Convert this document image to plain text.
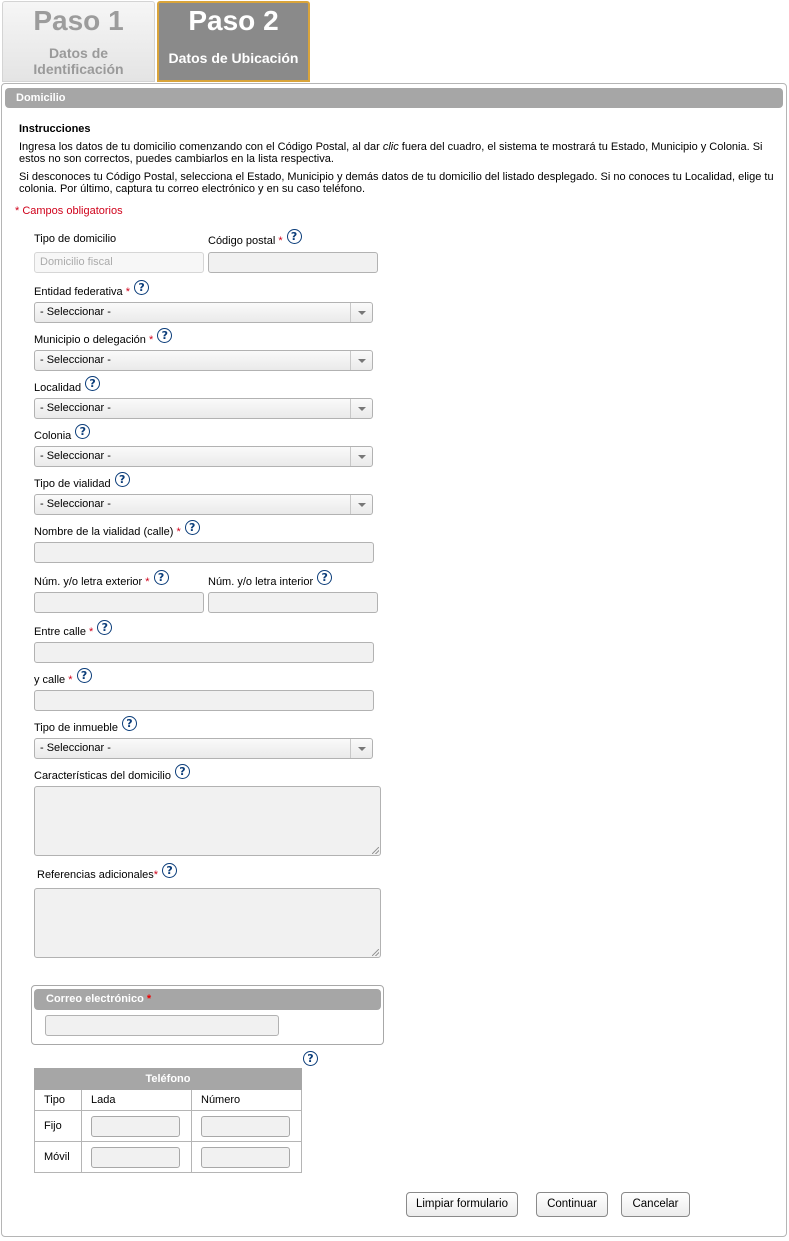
Paso 1
Datos de
Identificación
Paso 2
Datos de Ubicación
Domicilio
Instrucciones
Ingresa los datos de tu domicilio comenzando con el Código Postal, al dar clic fuera del cuadro, el sistema te mostrará tu Estado, Municipio y Colonia. Si estos no son correctos, puedes cambiarlos en la lista respectiva.
Si desconoces tu Código Postal, selecciona el Estado, Municipio y demás datos de tu domicilio del listado desplegado. Si no conoces tu Localidad, elige tu colonia. Por último, captura tu correo electrónico y en su caso teléfono.
* Campos obligatorios
Tipo de domicilio
Domicilio fiscal
Código postal * ?
Entidad federativa * ?
- Seleccionar -
Municipio o delegación * ?
- Seleccionar -
Localidad ?
- Seleccionar -
Colonia ?
- Seleccionar -
Tipo de vialidad ?
- Seleccionar -
Nombre de la vialidad (calle) * ?
Núm. y/o letra exterior * ?	Núm. y/o letra interior ?
Entre calle * ?
y calle * ?
Tipo de inmueble ?
- Seleccionar -
Características del domicilio ?
Referencias adicionales* ?
Correo electrónico *
?
Teléfono		
Tipo	Lada	Número
Fijo		
Móvil		
Limpiar formulario	Continuar	Cancelar
